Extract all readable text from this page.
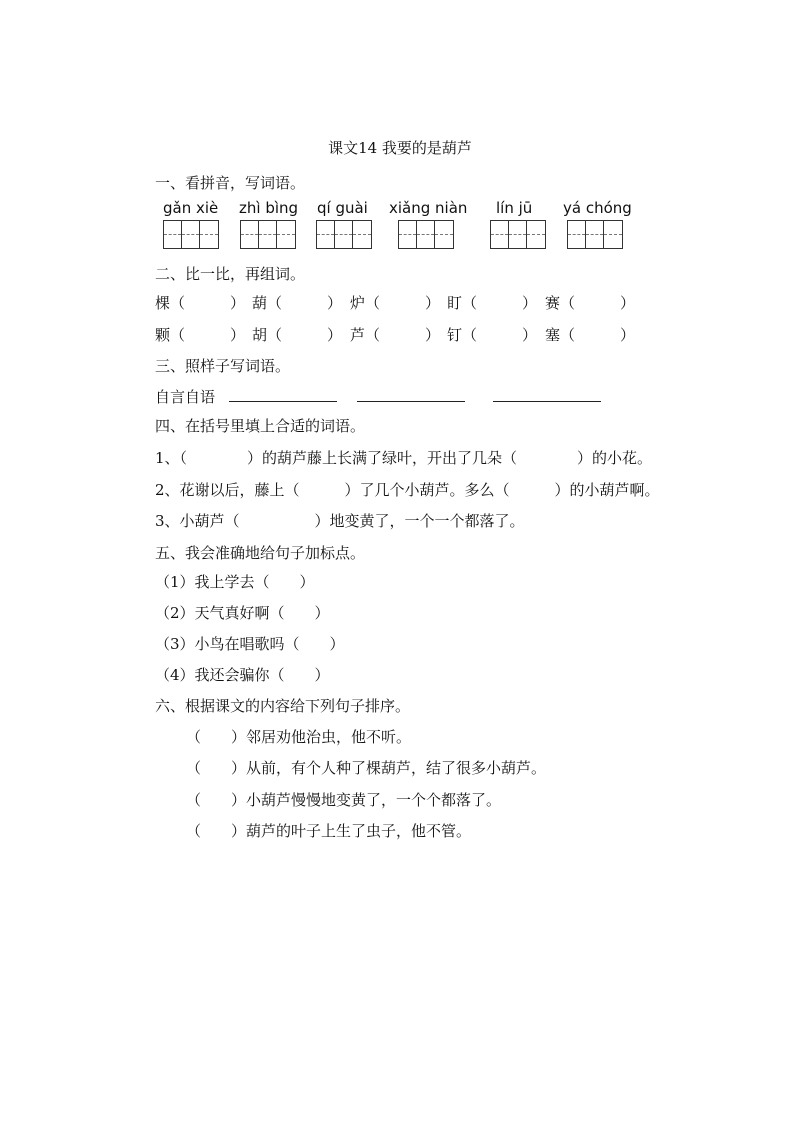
课文14 我要的是葫芦
一、看拼音，写词语。
gǎn xiè zhì bìng qí guài xiǎng niàn lín jū yá chóng
二、比一比，再组词。
棵（　　　） 葫（　　　） 炉（　　　） 盯（　　　） 赛（　　　）
颗（　　　） 胡（　　　） 芦（　　　） 钉（　　　） 塞（　　　）
三、照样子写词语。
自言自语
四、在括号里填上合适的词语。
1、（　　　　）的葫芦藤上长满了绿叶，开出了几朵（　　　　）的小花。
2、花谢以后，藤上（　　　）了几个小葫芦。多么（　　　）的小葫芦啊。
3、小葫芦（　　　　　）地变黄了，一个一个都落了。
五、我会准确地给句子加标点。
（1）我上学去（　　）
（2）天气真好啊（　　）
（3）小鸟在唱歌吗（　　）
（4）我还会骗你（　　）
六、根据课文的内容给下列句子排序。
（　　）邻居劝他治虫，他不听。
（　　）从前，有个人种了棵葫芦，结了很多小葫芦。
（　　）小葫芦慢慢地变黄了，一个个都落了。
（　　）葫芦的叶子上生了虫子，他不管。
